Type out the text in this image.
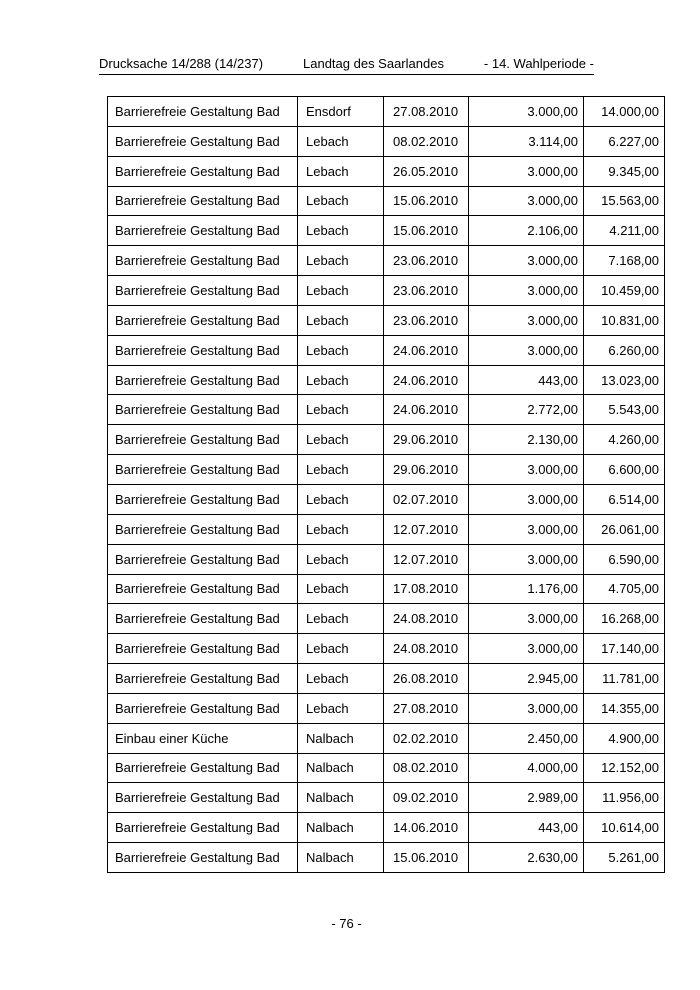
Drucksache 14/288 (14/237)	Landtag des Saarlandes	- 14. Wahlperiode -
Barrierefreie Gestaltung Bad	Ensdorf	27.08.2010	3.000,00	14.000,00
Barrierefreie Gestaltung Bad	Lebach	08.02.2010	3.114,00	6.227,00
Barrierefreie Gestaltung Bad	Lebach	26.05.2010	3.000,00	9.345,00
Barrierefreie Gestaltung Bad	Lebach	15.06.2010	3.000,00	15.563,00
Barrierefreie Gestaltung Bad	Lebach	15.06.2010	2.106,00	4.211,00
Barrierefreie Gestaltung Bad	Lebach	23.06.2010	3.000,00	7.168,00
Barrierefreie Gestaltung Bad	Lebach	23.06.2010	3.000,00	10.459,00
Barrierefreie Gestaltung Bad	Lebach	23.06.2010	3.000,00	10.831,00
Barrierefreie Gestaltung Bad	Lebach	24.06.2010	3.000,00	6.260,00
Barrierefreie Gestaltung Bad	Lebach	24.06.2010	443,00	13.023,00
Barrierefreie Gestaltung Bad	Lebach	24.06.2010	2.772,00	5.543,00
Barrierefreie Gestaltung Bad	Lebach	29.06.2010	2.130,00	4.260,00
Barrierefreie Gestaltung Bad	Lebach	29.06.2010	3.000,00	6.600,00
Barrierefreie Gestaltung Bad	Lebach	02.07.2010	3.000,00	6.514,00
Barrierefreie Gestaltung Bad	Lebach	12.07.2010	3.000,00	26.061,00
Barrierefreie Gestaltung Bad	Lebach	12.07.2010	3.000,00	6.590,00
Barrierefreie Gestaltung Bad	Lebach	17.08.2010	1.176,00	4.705,00
Barrierefreie Gestaltung Bad	Lebach	24.08.2010	3.000,00	16.268,00
Barrierefreie Gestaltung Bad	Lebach	24.08.2010	3.000,00	17.140,00
Barrierefreie Gestaltung Bad	Lebach	26.08.2010	2.945,00	11.781,00
Barrierefreie Gestaltung Bad	Lebach	27.08.2010	3.000,00	14.355,00
Einbau einer Küche	Nalbach	02.02.2010	2.450,00	4.900,00
Barrierefreie Gestaltung Bad	Nalbach	08.02.2010	4.000,00	12.152,00
Barrierefreie Gestaltung Bad	Nalbach	09.02.2010	2.989,00	11.956,00
Barrierefreie Gestaltung Bad	Nalbach	14.06.2010	443,00	10.614,00
Barrierefreie Gestaltung Bad	Nalbach	15.06.2010	2.630,00	5.261,00
- 76 -
